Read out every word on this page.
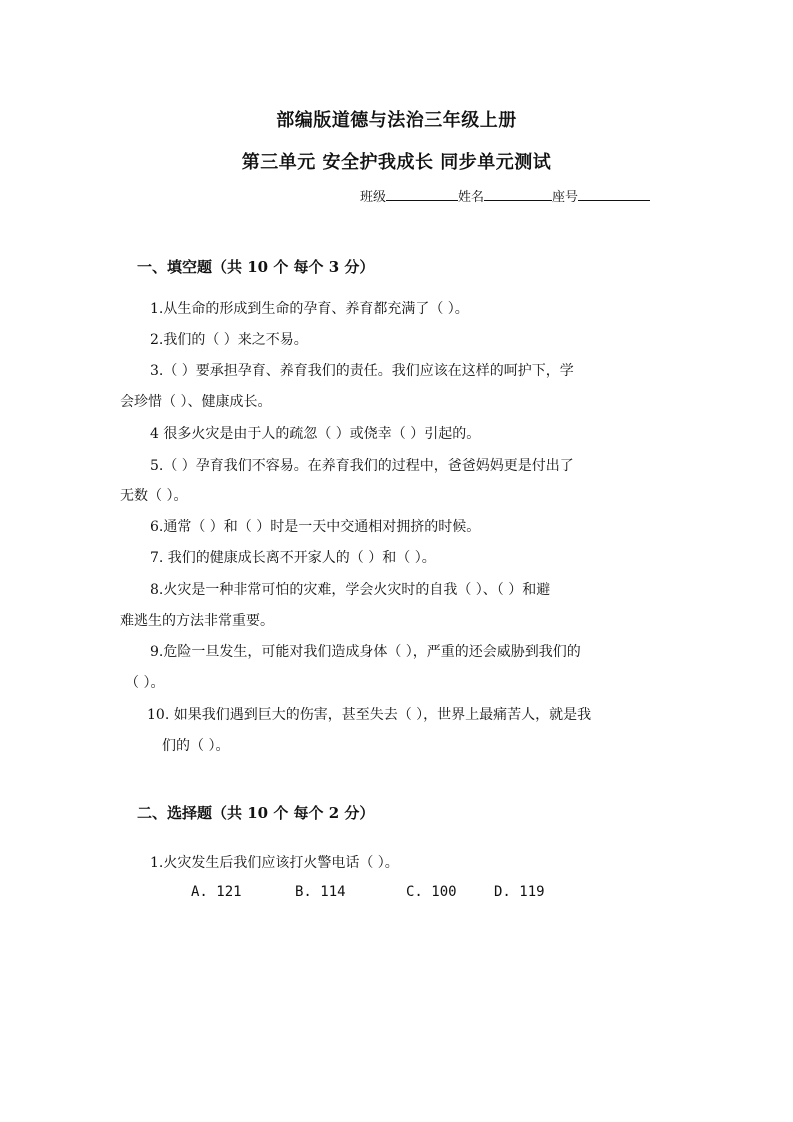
部编版道德与法治三年级上册
第三单元 安全护我成长 同步单元测试
班级	姓名	座号
一、填空题（共 10 个 每个 3 分）
1.从生命的形成到生命的孕育、养育都充满了（ ）。
2.我们的（ ）来之不易。
3.（ ）要承担孕育、养育我们的责任。我们应该在这样的呵护下，学
会珍惜（ ）、健康成长。
4 很多火灾是由于人的疏忽（ ）或侥幸（ ）引起的。
5.（ ）孕育我们不容易。在养育我们的过程中，爸爸妈妈更是付出了
无数（ ）。
6.通常（ ）和（ ）时是一天中交通相对拥挤的时候。
7. 我们的健康成长离不开家人的（ ）和（ ）。
8.火灾是一种非常可怕的灾难，学会火灾时的自我（ ）、（ ）和避
难逃生的方法非常重要。
9.危险一旦发生，可能对我们造成身体（ ），严重的还会威胁到我们的
（ ）。
10. 如果我们遇到巨大的伤害，甚至失去（ ），世界上最痛苦人，就是我
们的（ ）。
二、选择题（共 10 个 每个 2 分）
1.火灾发生后我们应该打火警电话（ ）。
A. 121	B. 114	C. 100	D. 119
